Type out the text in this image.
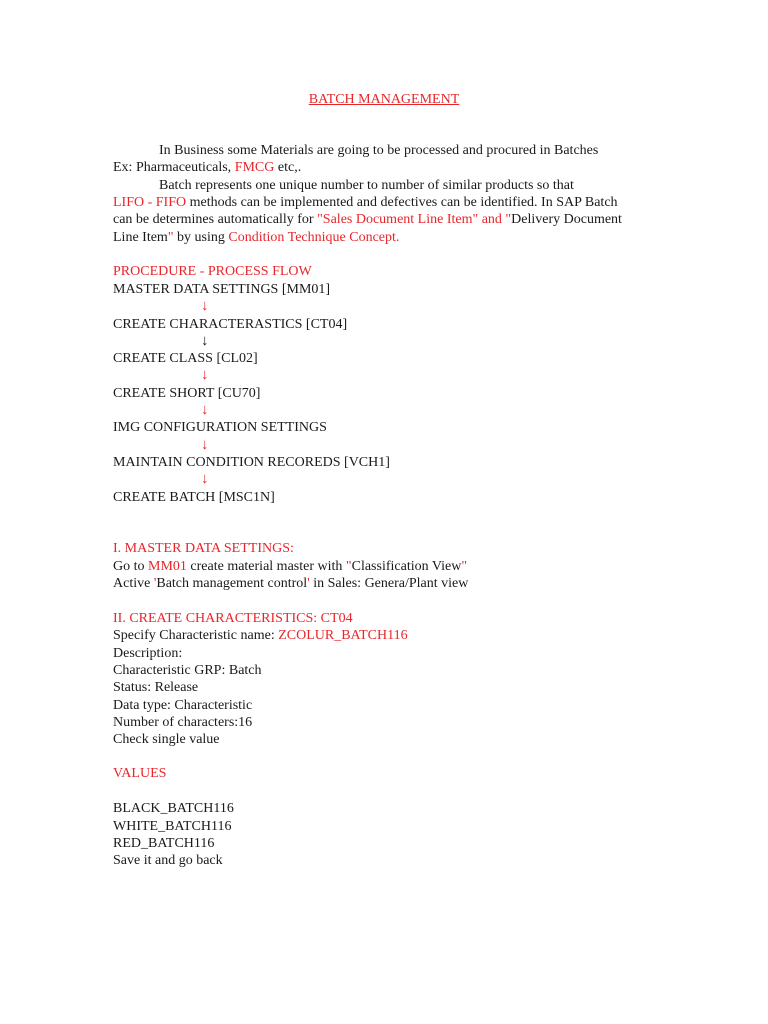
BATCH MANAGEMENT
In Business some Materials are going to be processed and procured in Batches
Ex: Pharmaceuticals, FMCG etc,.
Batch represents one unique number to number of similar products so that
LIFO - FIFO methods can be implemented and defectives can be identified. In SAP Batch
can be determines automatically for "Sales Document Line Item" and "Delivery Document
Line Item" by using Condition Technique Concept.
PROCEDURE - PROCESS FLOW
MASTER DATA SETTINGS [MM01]
↓
CREATE CHARACTERASTICS [CT04]
↓
CREATE CLASS [CL02]
↓
CREATE SHORT [CU70]
↓
IMG CONFIGURATION SETTINGS
↓
MAINTAIN CONDITION RECOREDS [VCH1]
↓
CREATE BATCH [MSC1N]
I. MASTER DATA SETTINGS:
Go to MM01 create material master with "Classification View"
Active 'Batch management control' in Sales: Genera/Plant view
II. CREATE CHARACTERISTICS: CT04
Specify Characteristic name: ZCOLUR_BATCH116
Description:
Characteristic GRP: Batch
Status: Release
Data type: Characteristic
Number of characters:16
Check single value
VALUES
BLACK_BATCH116
WHITE_BATCH116
RED_BATCH116
Save it and go back
